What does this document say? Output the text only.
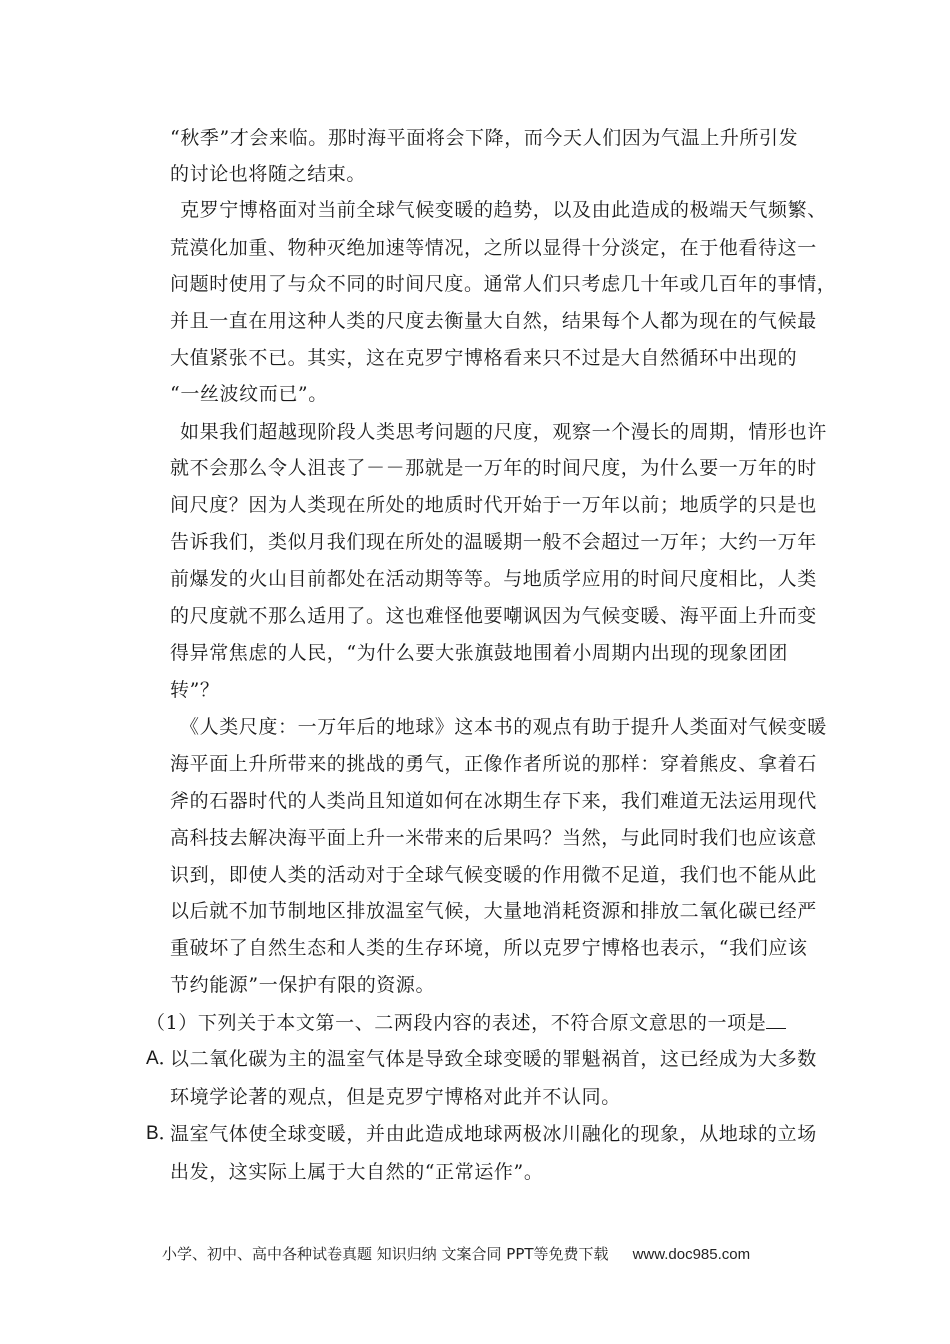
“秋季”才会来临。那时海平面将会下降，而今天人们因为气温上升所引发
的讨论也将随之结束。
克罗宁博格面对当前全球气候变暖的趋势，以及由此造成的极端天气频繁、
荒漠化加重、物种灭绝加速等情况，之所以显得十分淡定，在于他看待这一
问题时使用了与众不同的时间尺度。通常人们只考虑几十年或几百年的事情，
并且一直在用这种人类的尺度去衡量大自然，结果每个人都为现在的气候最
大值紧张不已。其实，这在克罗宁博格看来只不过是大自然循环中出现的
“一丝波纹而已”。
如果我们超越现阶段人类思考问题的尺度，观察一个漫长的周期，情形也许
就不会那么令人沮丧了－－那就是一万年的时间尺度，为什么要一万年的时
间尺度？因为人类现在所处的地质时代开始于一万年以前；地质学的只是也
告诉我们，类似月我们现在所处的温暖期一般不会超过一万年；大约一万年
前爆发的火山目前都处在活动期等等。与地质学应用的时间尺度相比，人类
的尺度就不那么适用了。这也难怪他要嘲讽因为气候变暖、海平面上升而变
得异常焦虑的人民，“为什么要大张旗鼓地围着小周期内出现的现象团团
转”？
《人类尺度：一万年后的地球》这本书的观点有助于提升人类面对气候变暖
海平面上升所带来的挑战的勇气，正像作者所说的那样：穿着熊皮、拿着石
斧的石器时代的人类尚且知道如何在冰期生存下来，我们难道无法运用现代
高科技去解决海平面上升一米带来的后果吗？当然，与此同时我们也应该意
识到，即使人类的活动对于全球气候变暖的作用微不足道，我们也不能从此
以后就不加节制地区排放温室气候，大量地消耗资源和排放二氧化碳已经严
重破坏了自然生态和人类的生存环境，所以克罗宁博格也表示，“我们应该
节约能源”一保护有限的资源。
（1）下列关于本文第一、二两段内容的表述，不符合原文意思的一项是
A．
以二氧化碳为主的温室气体是导致全球变暖的罪魁祸首，这已经成为大多数
环境学论著的观点，但是克罗宁博格对此并不认同。
B．
温室气体使全球变暖，并由此造成地球两极冰川融化的现象，从地球的立场
出发，这实际上属于大自然的“正常运作”。
小学、初中、高中各种试卷真题 知识归纳 文案合同 PPT等免费下载 www.doc985.com
